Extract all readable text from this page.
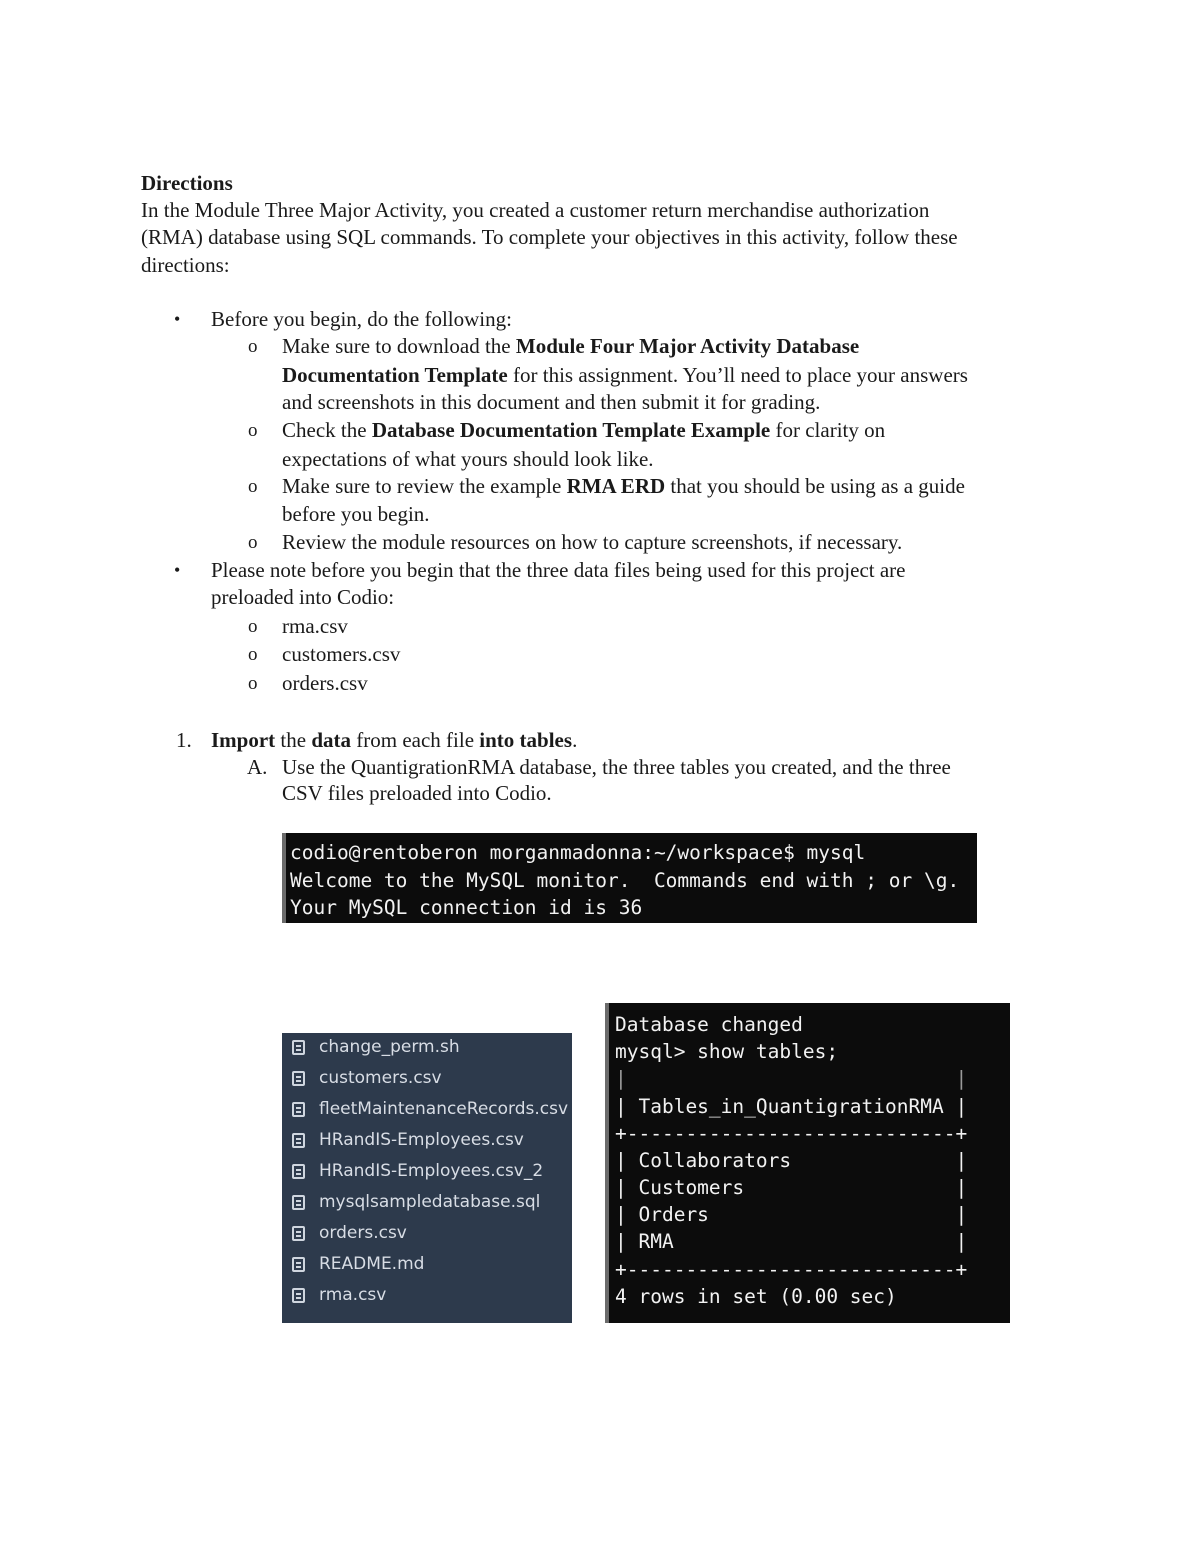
Directions
In the Module Three Major Activity, you created a customer return merchandise authorization
(RMA) database using SQL commands. To complete your objectives in this activity, follow these
directions:
• Before you begin, do the following:
o Make sure to download the Module Four Major Activity Database
Documentation Template for this assignment. You’ll need to place your answers
and screenshots in this document and then submit it for grading.
o Check the Database Documentation Template Example for clarity on
expectations of what yours should look like.
o Make sure to review the example RMA ERD that you should be using as a guide
before you begin.
o Review the module resources on how to capture screenshots, if necessary.
• Please note before you begin that the three data files being used for this project are
preloaded into Codio:
o rma.csv
o customers.csv
o orders.csv
1. Import the data from each file into tables.
A. Use the QuantigrationRMA database, the three tables you created, and the three
CSV files preloaded into Codio.
codio@rentoberon morganmadonna:~/workspace$ mysql
Welcome to the MySQL monitor.  Commands end with ; or \g.
Your MySQL connection id is 36
change_perm.sh
customers.csv
fleetMaintenanceRecords.csv
HRandIS-Employees.csv
HRandIS-Employees.csv_2
mysqlsampledatabase.sql
orders.csv
README.md
rma.csv
Database changed
mysql> show tables;
|                            |
| Tables_in_QuantigrationRMA |
+----------------------------+
| Collaborators              |
| Customers                  |
| Orders                     |
| RMA                        |
+----------------------------+
4 rows in set (0.00 sec)
